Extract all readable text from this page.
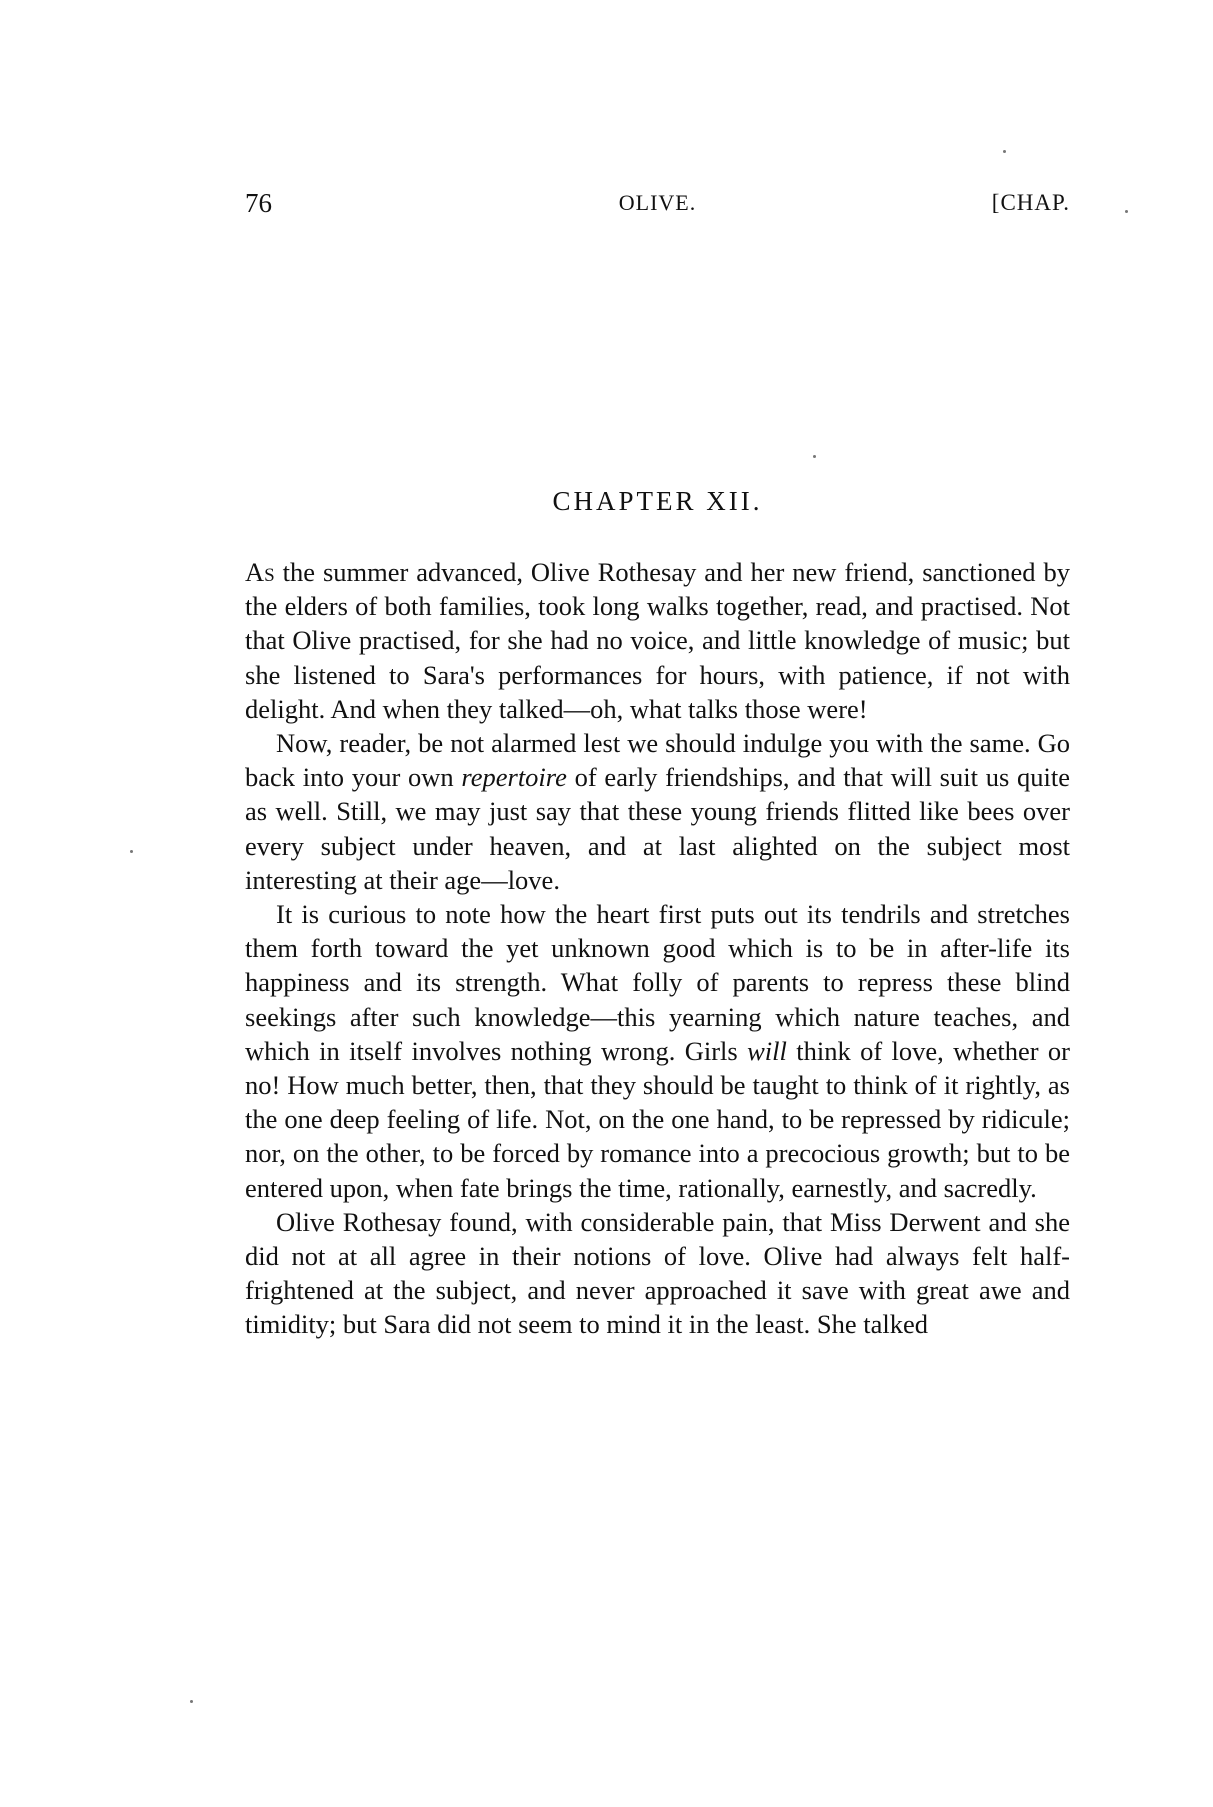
76	OLIVE.	[CHAP.
CHAPTER XII.

As the summer advanced, Olive Rothesay and her new friend, sanctioned by the elders of both families, took long walks together, read, and practised. Not that Olive practised, for she had no voice, and little knowledge of music; but she listened to Sara's performances for hours, with patience, if not with delight. And when they talked—oh, what talks those were!

Now, reader, be not alarmed lest we should indulge you with the same. Go back into your own repertoire of early friendships, and that will suit us quite as well. Still, we may just say that these young friends flitted like bees over every subject under heaven, and at last alighted on the subject most interesting at their age—love.

It is curious to note how the heart first puts out its tendrils and stretches them forth toward the yet unknown good which is to be in after-life its happiness and its strength. What folly of parents to repress these blind seekings after such knowledge—this yearning which nature teaches, and which in itself involves nothing wrong. Girls will think of love, whether or no! How much better, then, that they should be taught to think of it rightly, as the one deep feeling of life. Not, on the one hand, to be repressed by ridicule; nor, on the other, to be forced by romance into a precocious growth; but to be entered upon, when fate brings the time, rationally, earnestly, and sacredly.

Olive Rothesay found, with considerable pain, that Miss Derwent and she did not at all agree in their notions of love. Olive had always felt half-frightened at the subject, and never approached it save with great awe and timidity; but Sara did not seem to mind it in the least. She talked
